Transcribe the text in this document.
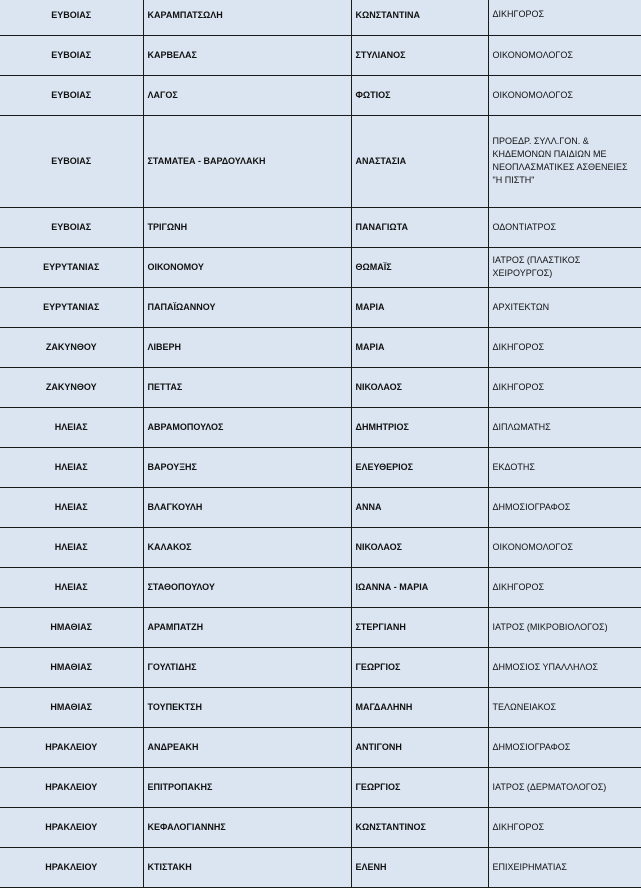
ΕΥΒΟΙΑΣ	ΚΑΡΑΜΠΑΤΣΩΛΗ	ΚΩΝΣΤΑΝΤΙΝΑ	ΔΙΚΗΓΟΡΟΣ
ΕΥΒΟΙΑΣ	ΚΑΡΒΕΛΑΣ	ΣΤΥΛΙΑΝΟΣ	ΟΙΚΟΝΟΜΟΛΟΓΟΣ
ΕΥΒΟΙΑΣ	ΛΑΓΟΣ	ΦΩΤΙΟΣ	ΟΙΚΟΝΟΜΟΛΟΓΟΣ
ΕΥΒΟΙΑΣ	ΣΤΑΜΑΤΕΑ - ΒΑΡΔΟΥΛΑΚΗ	ΑΝΑΣΤΑΣΙΑ	ΠΡΟΕΔΡ. ΣΥΛΛ.ΓΟΝ. & ΚΗΔΕΜΟΝΩΝ ΠΑΙΔΙΩΝ ΜΕ ΝΕΟΠΛΑΣΜΑΤΙΚΕΣ ΑΣΘΕΝΕΙΕΣ "Η ΠΙΣΤΗ"
ΕΥΒΟΙΑΣ	ΤΡΙΓΩΝΗ	ΠΑΝΑΓΙΩΤΑ	ΟΔΟΝΤΙΑΤΡΟΣ
ΕΥΡΥΤΑΝΙΑΣ	ΟΙΚΟΝΟΜΟΥ	ΘΩΜΑΪΣ	ΙΑΤΡΟΣ (ΠΛΑΣΤΙΚΟΣ ΧΕΙΡΟΥΡΓΟΣ)
ΕΥΡΥΤΑΝΙΑΣ	ΠΑΠΑΪΩΑΝΝΟΥ	ΜΑΡΙΑ	ΑΡΧΙΤΕΚΤΩΝ
ΖΑΚΥΝΘΟΥ	ΛΙΒΕΡΗ	ΜΑΡΙΑ	ΔΙΚΗΓΟΡΟΣ
ΖΑΚΥΝΘΟΥ	ΠΕΤΤΑΣ	ΝΙΚΟΛΑΟΣ	ΔΙΚΗΓΟΡΟΣ
ΗΛΕΙΑΣ	ΑΒΡΑΜΟΠΟΥΛΟΣ	ΔΗΜΗΤΡΙΟΣ	ΔΙΠΛΩΜΑΤΗΣ
ΗΛΕΙΑΣ	ΒΑΡΟΥΞΗΣ	ΕΛΕΥΘΕΡΙΟΣ	ΕΚΔΟΤΗΣ
ΗΛΕΙΑΣ	ΒΛΑΓΚΟΥΛΗ	ΑΝΝΑ	ΔΗΜΟΣΙΟΓΡΑΦΟΣ
ΗΛΕΙΑΣ	ΚΑΛΑΚΟΣ	ΝΙΚΟΛΑΟΣ	ΟΙΚΟΝΟΜΟΛΟΓΟΣ
ΗΛΕΙΑΣ	ΣΤΑΘΟΠΟΥΛΟΥ	ΙΩΑΝΝΑ - ΜΑΡΙΑ	ΔΙΚΗΓΟΡΟΣ
ΗΜΑΘΙΑΣ	ΑΡΑΜΠΑΤΖΗ	ΣΤΕΡΓΙΑΝΗ	ΙΑΤΡΟΣ (ΜΙΚΡΟΒΙΟΛΟΓΟΣ)
ΗΜΑΘΙΑΣ	ΓΟΥΛΤΙΔΗΣ	ΓΕΩΡΓΙΟΣ	ΔΗΜΟΣΙΟΣ ΥΠΑΛΛΗΛΟΣ
ΗΜΑΘΙΑΣ	ΤΟΥΠΕΚΤΣΗ	ΜΑΓΔΑΛΗΝΗ	ΤΕΛΩΝΕΙΑΚΟΣ
ΗΡΑΚΛΕΙΟΥ	ΑΝΔΡΕΑΚΗ	ΑΝΤΙΓΟΝΗ	ΔΗΜΟΣΙΟΓΡΑΦΟΣ
ΗΡΑΚΛΕΙΟΥ	ΕΠΙΤΡΟΠΑΚΗΣ	ΓΕΩΡΓΙΟΣ	ΙΑΤΡΟΣ (ΔΕΡΜΑΤΟΛΟΓΟΣ)
ΗΡΑΚΛΕΙΟΥ	ΚΕΦΑΛΟΓΙΑΝΝΗΣ	ΚΩΝΣΤΑΝΤΙΝΟΣ	ΔΙΚΗΓΟΡΟΣ
ΗΡΑΚΛΕΙΟΥ	ΚΤΙΣΤΑΚΗ	ΕΛΕΝΗ	ΕΠΙΧΕΙΡΗΜΑΤΙΑΣ
